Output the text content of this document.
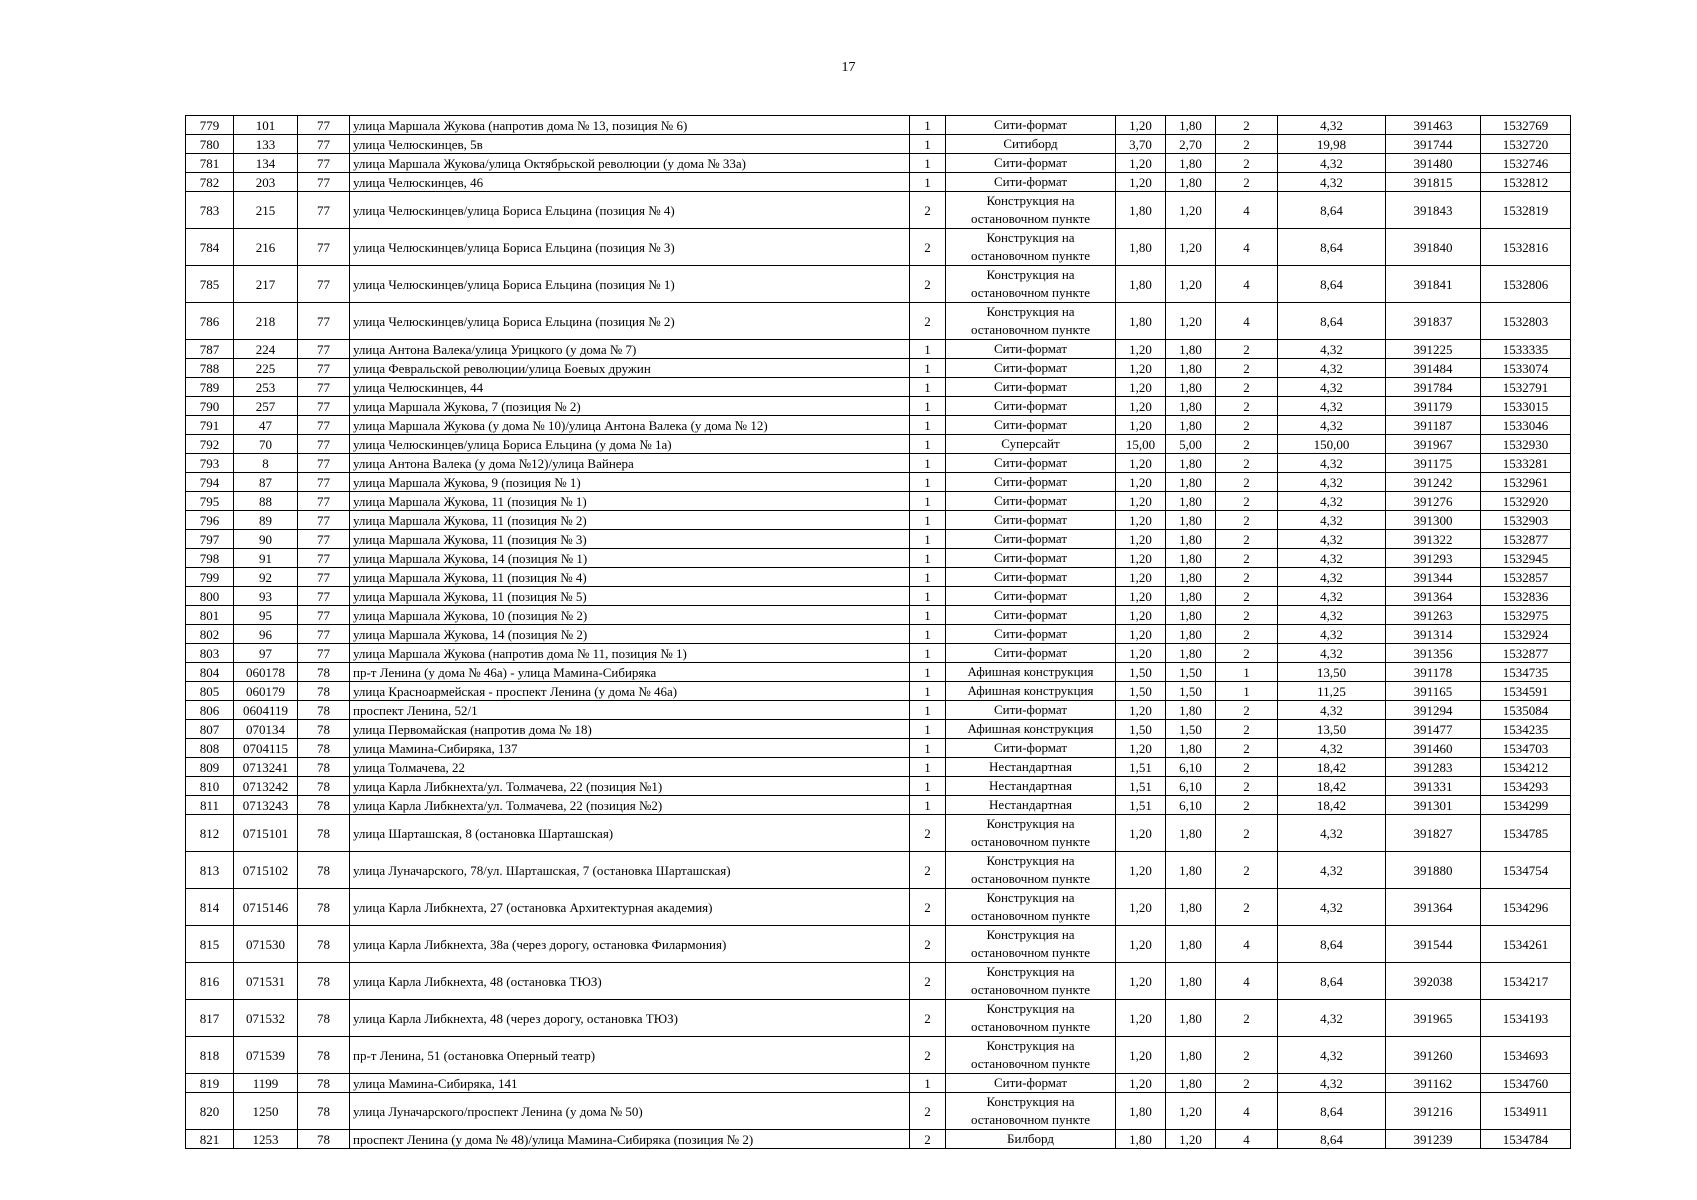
17
779	101	77	улица Маршала Жукова (напротив дома № 13, позиция № 6)	1	Сити-формат	1,20	1,80	2	4,32	391463	1532769
780	133	77	улица Челюскинцев, 5в	1	Ситиборд	3,70	2,70	2	19,98	391744	1532720
781	134	77	улица Маршала Жукова/улица Октябрьской революции (у дома № 33а)	1	Сити-формат	1,20	1,80	2	4,32	391480	1532746
782	203	77	улица Челюскинцев, 46	1	Сити-формат	1,20	1,80	2	4,32	391815	1532812
783	215	77	улица Челюскинцев/улица Бориса Ельцина (позиция № 4)	2	Конструкция на остановочном пункте	1,80	1,20	4	8,64	391843	1532819
784	216	77	улица Челюскинцев/улица Бориса Ельцина (позиция № 3)	2	Конструкция на остановочном пункте	1,80	1,20	4	8,64	391840	1532816
785	217	77	улица Челюскинцев/улица Бориса Ельцина (позиция № 1)	2	Конструкция на остановочном пункте	1,80	1,20	4	8,64	391841	1532806
786	218	77	улица Челюскинцев/улица Бориса Ельцина (позиция № 2)	2	Конструкция на остановочном пункте	1,80	1,20	4	8,64	391837	1532803
787	224	77	улица Антона Валека/улица Урицкого (у дома № 7)	1	Сити-формат	1,20	1,80	2	4,32	391225	1533335
788	225	77	улица Февральской революции/улица Боевых дружин	1	Сити-формат	1,20	1,80	2	4,32	391484	1533074
789	253	77	улица Челюскинцев, 44	1	Сити-формат	1,20	1,80	2	4,32	391784	1532791
790	257	77	улица Маршала Жукова, 7 (позиция № 2)	1	Сити-формат	1,20	1,80	2	4,32	391179	1533015
791	47	77	улица Маршала Жукова (у дома № 10)/улица Антона Валека (у дома № 12)	1	Сити-формат	1,20	1,80	2	4,32	391187	1533046
792	70	77	улица Челюскинцев/улица Бориса Ельцина (у дома № 1а)	1	Суперсайт	15,00	5,00	2	150,00	391967	1532930
793	8	77	улица Антона Валека (у дома №12)/улица Вайнера	1	Сити-формат	1,20	1,80	2	4,32	391175	1533281
794	87	77	улица Маршала Жукова, 9 (позиция № 1)	1	Сити-формат	1,20	1,80	2	4,32	391242	1532961
795	88	77	улица Маршала Жукова, 11 (позиция № 1)	1	Сити-формат	1,20	1,80	2	4,32	391276	1532920
796	89	77	улица Маршала Жукова, 11 (позиция № 2)	1	Сити-формат	1,20	1,80	2	4,32	391300	1532903
797	90	77	улица Маршала Жукова, 11 (позиция № 3)	1	Сити-формат	1,20	1,80	2	4,32	391322	1532877
798	91	77	улица Маршала Жукова, 14 (позиция № 1)	1	Сити-формат	1,20	1,80	2	4,32	391293	1532945
799	92	77	улица Маршала Жукова, 11 (позиция № 4)	1	Сити-формат	1,20	1,80	2	4,32	391344	1532857
800	93	77	улица Маршала Жукова, 11 (позиция № 5)	1	Сити-формат	1,20	1,80	2	4,32	391364	1532836
801	95	77	улица Маршала Жукова, 10 (позиция № 2)	1	Сити-формат	1,20	1,80	2	4,32	391263	1532975
802	96	77	улица Маршала Жукова, 14 (позиция № 2)	1	Сити-формат	1,20	1,80	2	4,32	391314	1532924
803	97	77	улица Маршала Жукова (напротив дома № 11, позиция № 1)	1	Сити-формат	1,20	1,80	2	4,32	391356	1532877
804	060178	78	пр-т Ленина (у дома № 46а) - улица Мамина-Сибиряка	1	Афишная конструкция	1,50	1,50	1	13,50	391178	1534735
805	060179	78	улица Красноармейская - проспект Ленина (у дома № 46а)	1	Афишная конструкция	1,50	1,50	1	11,25	391165	1534591
806	0604119	78	проспект Ленина, 52/1	1	Сити-формат	1,20	1,80	2	4,32	391294	1535084
807	070134	78	улица Первомайская (напротив дома № 18)	1	Афишная конструкция	1,50	1,50	2	13,50	391477	1534235
808	0704115	78	улица Мамина-Сибиряка, 137	1	Сити-формат	1,20	1,80	2	4,32	391460	1534703
809	0713241	78	улица Толмачева, 22	1	Нестандартная	1,51	6,10	2	18,42	391283	1534212
810	0713242	78	улица Карла Либкнехта/ул. Толмачева, 22 (позиция №1)	1	Нестандартная	1,51	6,10	2	18,42	391331	1534293
811	0713243	78	улица Карла Либкнехта/ул. Толмачева, 22 (позиция №2)	1	Нестандартная	1,51	6,10	2	18,42	391301	1534299
812	0715101	78	улица Шарташская, 8 (остановка Шарташская)	2	Конструкция на остановочном пункте	1,20	1,80	2	4,32	391827	1534785
813	0715102	78	улица Луначарского, 78/ул. Шарташская, 7 (остановка Шарташская)	2	Конструкция на остановочном пункте	1,20	1,80	2	4,32	391880	1534754
814	0715146	78	улица Карла Либкнехта, 27 (остановка Архитектурная академия)	2	Конструкция на остановочном пункте	1,20	1,80	2	4,32	391364	1534296
815	071530	78	улица Карла Либкнехта, 38а (через дорогу, остановка Филармония)	2	Конструкция на остановочном пункте	1,20	1,80	4	8,64	391544	1534261
816	071531	78	улица Карла Либкнехта, 48 (остановка ТЮЗ)	2	Конструкция на остановочном пункте	1,20	1,80	4	8,64	392038	1534217
817	071532	78	улица Карла Либкнехта, 48 (через дорогу, остановка ТЮЗ)	2	Конструкция на остановочном пункте	1,20	1,80	2	4,32	391965	1534193
818	071539	78	пр-т Ленина, 51 (остановка Оперный театр)	2	Конструкция на остановочном пункте	1,20	1,80	2	4,32	391260	1534693
819	1199	78	улица Мамина-Сибиряка, 141	1	Сити-формат	1,20	1,80	2	4,32	391162	1534760
820	1250	78	улица Луначарского/проспект Ленина (у дома № 50)	2	Конструкция на остановочном пункте	1,80	1,20	4	8,64	391216	1534911
821	1253	78	проспект Ленина (у дома № 48)/улица Мамина-Сибиряка (позиция № 2)	2	Билборд	1,80	1,20	4	8,64	391239	1534784
